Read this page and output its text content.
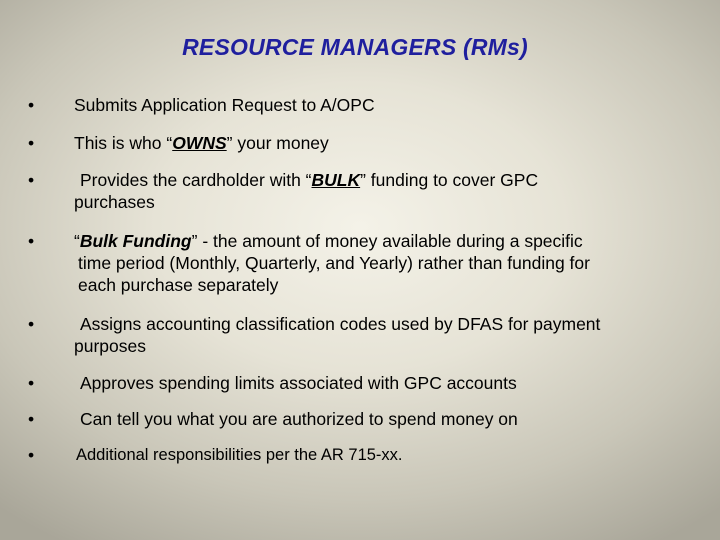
RESOURCE MANAGERS (RMs)
•	Submits Application Request to A/OPC
•	This is who “OWNS” your money
•	Provides the cardholder with “BULK” funding to cover GPC
purchases
•	“Bulk Funding” - the amount of money available during a specific
time period (Monthly, Quarterly, and Yearly) rather than funding for
each purchase separately
•	Assigns accounting classification codes used by DFAS for payment
purposes
•	Approves spending limits associated with GPC accounts
•	Can tell you what you are authorized to spend money on
•	Additional responsibilities per the AR 715-xx.
